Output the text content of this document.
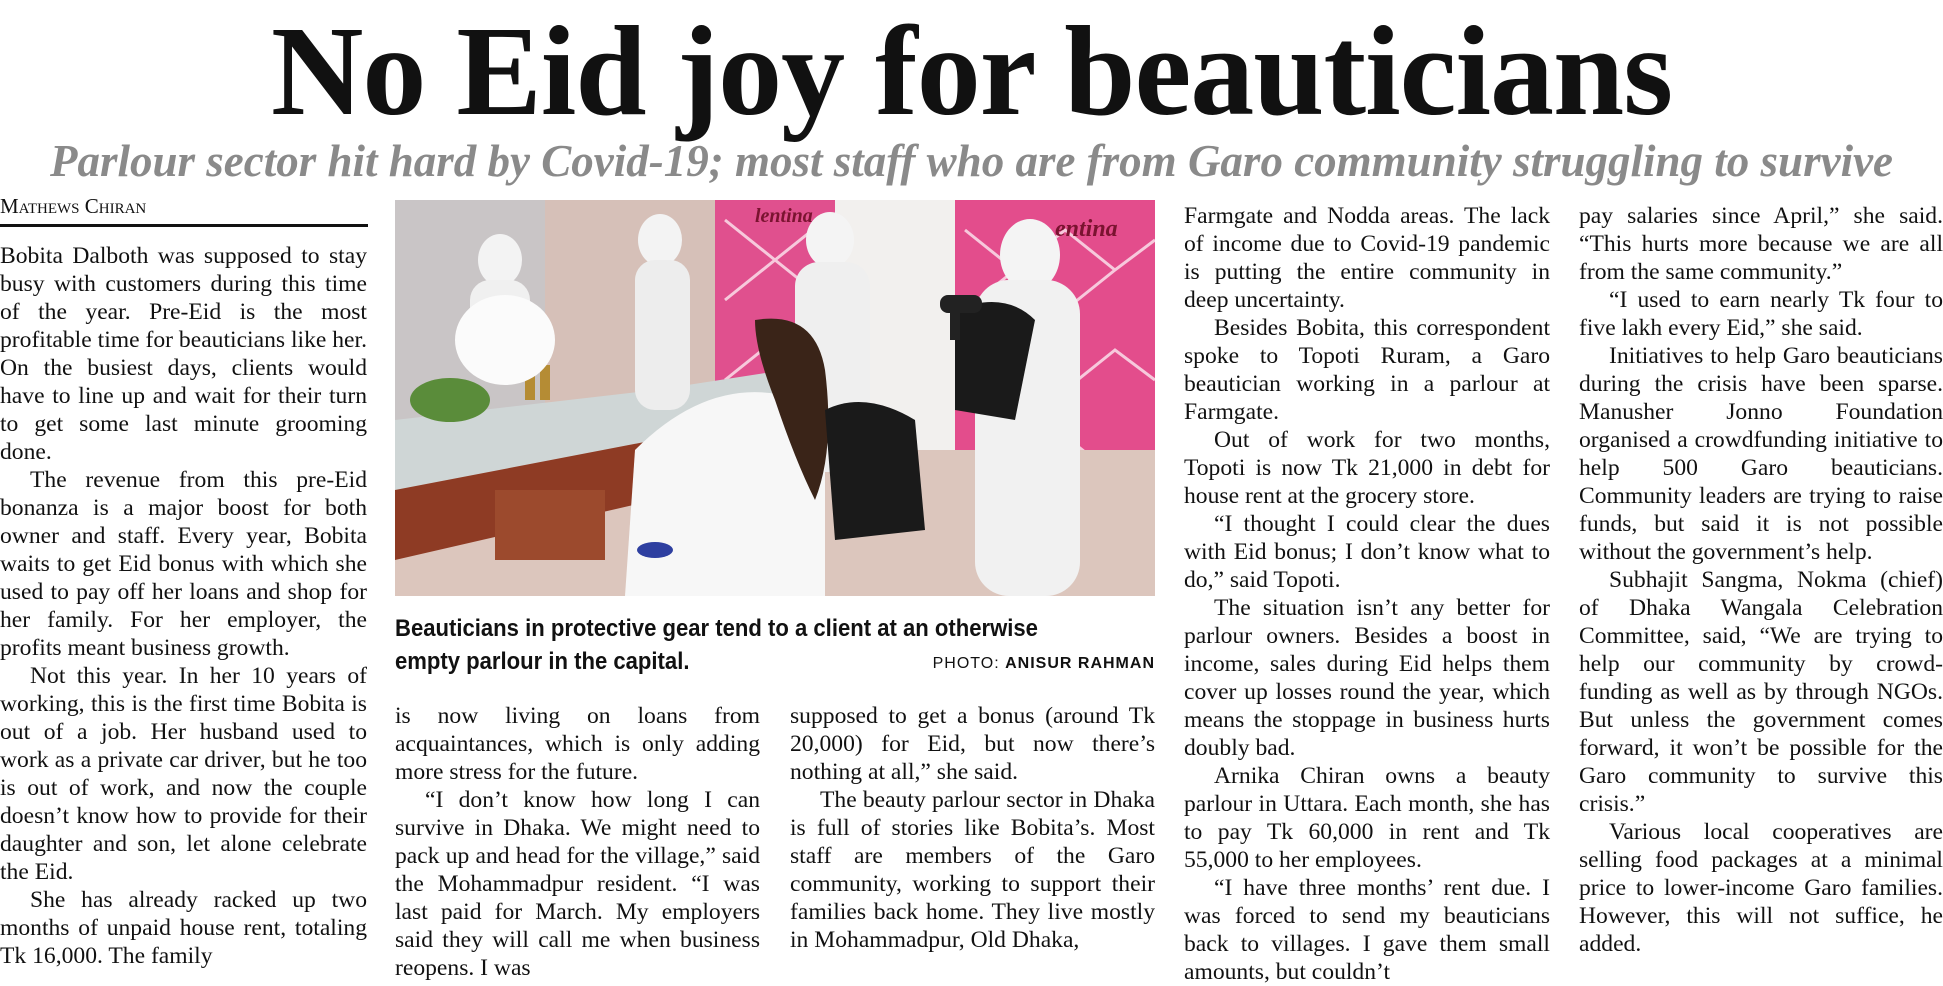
No Eid joy for beauticians
Parlour sector hit hard by Covid-19; most staff who are from Garo community struggling to survive
Mathews Chiran

Bobita Dalboth was supposed to stay busy with customers during this time of the year. Pre-Eid is the most profitable time for beauticians like her. On the busiest days, clients would have to line up and wait for their turn to get some last minute grooming done.

The revenue from this pre-Eid bonanza is a major boost for both owner and staff. Every year, Bobita waits to get Eid bonus with which she used to pay off her loans and shop for her family. For her employer, the profits meant business growth.

Not this year. In her 10 years of working, this is the first time Bobita is out of a job. Her husband used to work as a private car driver, but he too is out of work, and now the couple doesn’t know how to provide for their daughter and son, let alone celebrate the Eid.

She has already racked up two months of unpaid house rent, totaling Tk 16,000. The family

lentina	entina
Beauticians in protective gear tend to a client at an otherwise empty parlour in the capital.	PHOTO: ANISUR RAHMAN

is now living on loans from acquaintances, which is only adding more stress for the future.

“I don’t know how long I can survive in Dhaka. We might need to pack up and head for the village,” said the Mohammadpur resident. “I was last paid for March. My employers said they will call me when business reopens. I was

supposed to get a bonus (around Tk 20,000) for Eid, but now there’s nothing at all,” she said.

The beauty parlour sector in Dhaka is full of stories like Bobita’s. Most staff are members of the Garo community, working to support their families back home. They live mostly in Mohammadpur, Old Dhaka,

Farmgate and Nodda areas. The lack of income due to Covid-19 pandemic is putting the entire community in deep uncertainty.

Besides Bobita, this correspondent spoke to Topoti Ruram, a Garo beautician working in a parlour at Farmgate.

Out of work for two months, Topoti is now Tk 21,000 in debt for house rent at the grocery store.

“I thought I could clear the dues with Eid bonus; I don’t know what to do,” said Topoti.

The situation isn’t any better for parlour owners. Besides a boost in income, sales during Eid helps them cover up losses round the year, which means the stoppage in business hurts doubly bad.

Arnika Chiran owns a beauty parlour in Uttara. Each month, she has to pay Tk 60,000 in rent and Tk 55,000 to her employees.

“I have three months’ rent due. I was forced to send my beauticians back to villages. I gave them small amounts, but couldn’t

pay salaries since April,” she said. “This hurts more because we are all from the same community.”

“I used to earn nearly Tk four to five lakh every Eid,” she said.

Initiatives to help Garo beauticians during the crisis have been sparse. Manusher Jonno Foundation organised a crowdfunding initiative to help 500 Garo beauticians. Community leaders are trying to raise funds, but said it is not possible without the government’s help.

Subhajit Sangma, Nokma (chief) of Dhaka Wangala Celebration Committee, said, “We are trying to help our community by crowd-funding as well as by through NGOs. But unless the government comes forward, it won’t be possible for the Garo community to survive this crisis.”

Various local cooperatives are selling food packages at a minimal price to lower-income Garo families. However, this will not suffice, he added.
